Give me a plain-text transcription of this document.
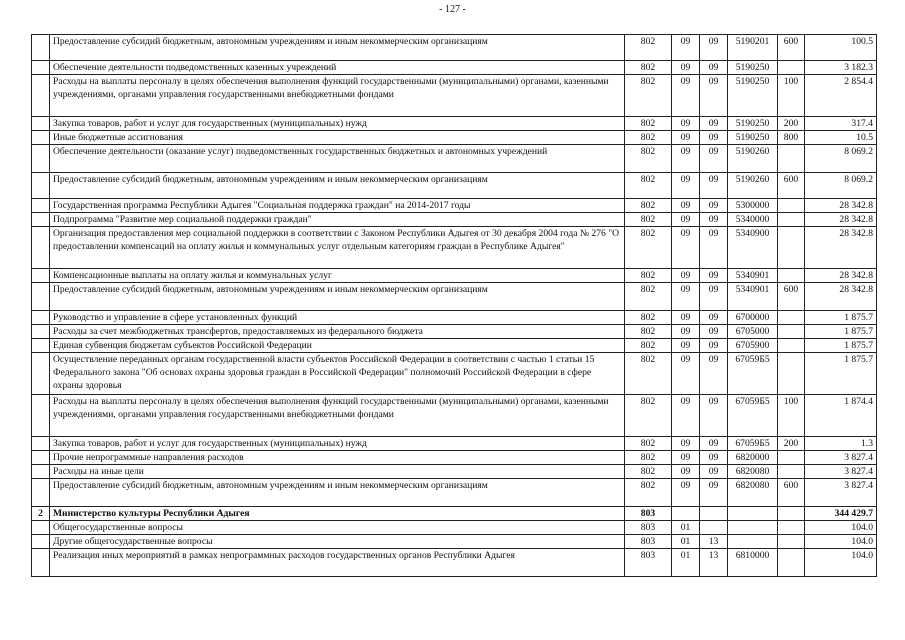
- 127 -
	Предоставление субсидий бюджетным, автономным учреждениям и иным некоммерческим организациям	802	09	09	5190201	600	100.5
	Обеспечение деятельности подведомственных казенных учреждений	802	09	09	5190250		3 182.3
	Расходы на выплаты персоналу в целях обеспечения выполнения функций государственными (муниципальными) органами, казенными учреждениями, органами управления государственными внебюджетными фондами	802	09	09	5190250	100	2 854.4
	Закупка товаров, работ и услуг для государственных (муниципальных) нужд	802	09	09	5190250	200	317.4
	Иные бюджетные ассигнования	802	09	09	5190250	800	10.5
	Обеспечение деятельности (оказание услуг) подведомственных государственных бюджетных и автономных учреждений	802	09	09	5190260		8 069.2
	Предоставление субсидий бюджетным, автономным учреждениям и иным некоммерческим организациям	802	09	09	5190260	600	8 069.2
	Государственная программа Республики Адыгея "Социальная поддержка граждан" на 2014-2017 годы	802	09	09	5300000		28 342.8
	Подпрограмма "Развитие мер социальной поддержки граждан"	802	09	09	5340000		28 342.8
	Организация предоставления мер социальной поддержки в соответствии с Законом Республики Адыгея от 30 декабря 2004 года № 276 "О предоставлении компенсаций на оплату жилья и коммунальных услуг отдельным категориям граждан в Республике Адыгея"	802	09	09	5340900		28 342.8
	Компенсационные выплаты на оплату жилья и коммунальных услуг	802	09	09	5340901		28 342.8
	Предоставление субсидий бюджетным, автономным учреждениям и иным некоммерческим организациям	802	09	09	5340901	600	28 342.8
	Руководство и управление в сфере установленных функций	802	09	09	6700000		1 875.7
	Расходы за счет межбюджетных трансфертов, предоставляемых из федерального бюджета	802	09	09	6705000		1 875.7
	Единая субвенция бюджетам субъектов Российской Федерации	802	09	09	6705900		1 875.7
	Осуществление переданных органам государственной власти субъектов Российской Федерации в соответствии с частью 1 статьи 15 Федерального закона "Об основах охраны здоровья граждан в Российской Федерации" полномочий Российской Федерации в сфере охраны здоровья	802	09	09	67059Б5		1 875.7
	Расходы на выплаты персоналу в целях обеспечения выполнения функций государственными (муниципальными) органами, казенными учреждениями, органами управления государственными внебюджетными фондами	802	09	09	67059Б5	100	1 874.4
	Закупка товаров, работ и услуг для государственных (муниципальных) нужд	802	09	09	67059Б5	200	1.3
	Прочие непрограммные направления расходов	802	09	09	6820000		3 827.4
	Расходы на иные цели	802	09	09	6820080		3 827.4
	Предоставление субсидий бюджетным, автономным учреждениям и иным некоммерческим организациям	802	09	09	6820080	600	3 827.4
2	Министерство культуры Республики Адыгея	803					344 429.7
	Общегосударственные вопросы	803	01				104.0
	Другие общегосударственные вопросы	803	01	13			104.0
	Реализация иных мероприятий в рамках непрограммных расходов государственных органов Республики Адыгея	803	01	13	6810000		104.0
